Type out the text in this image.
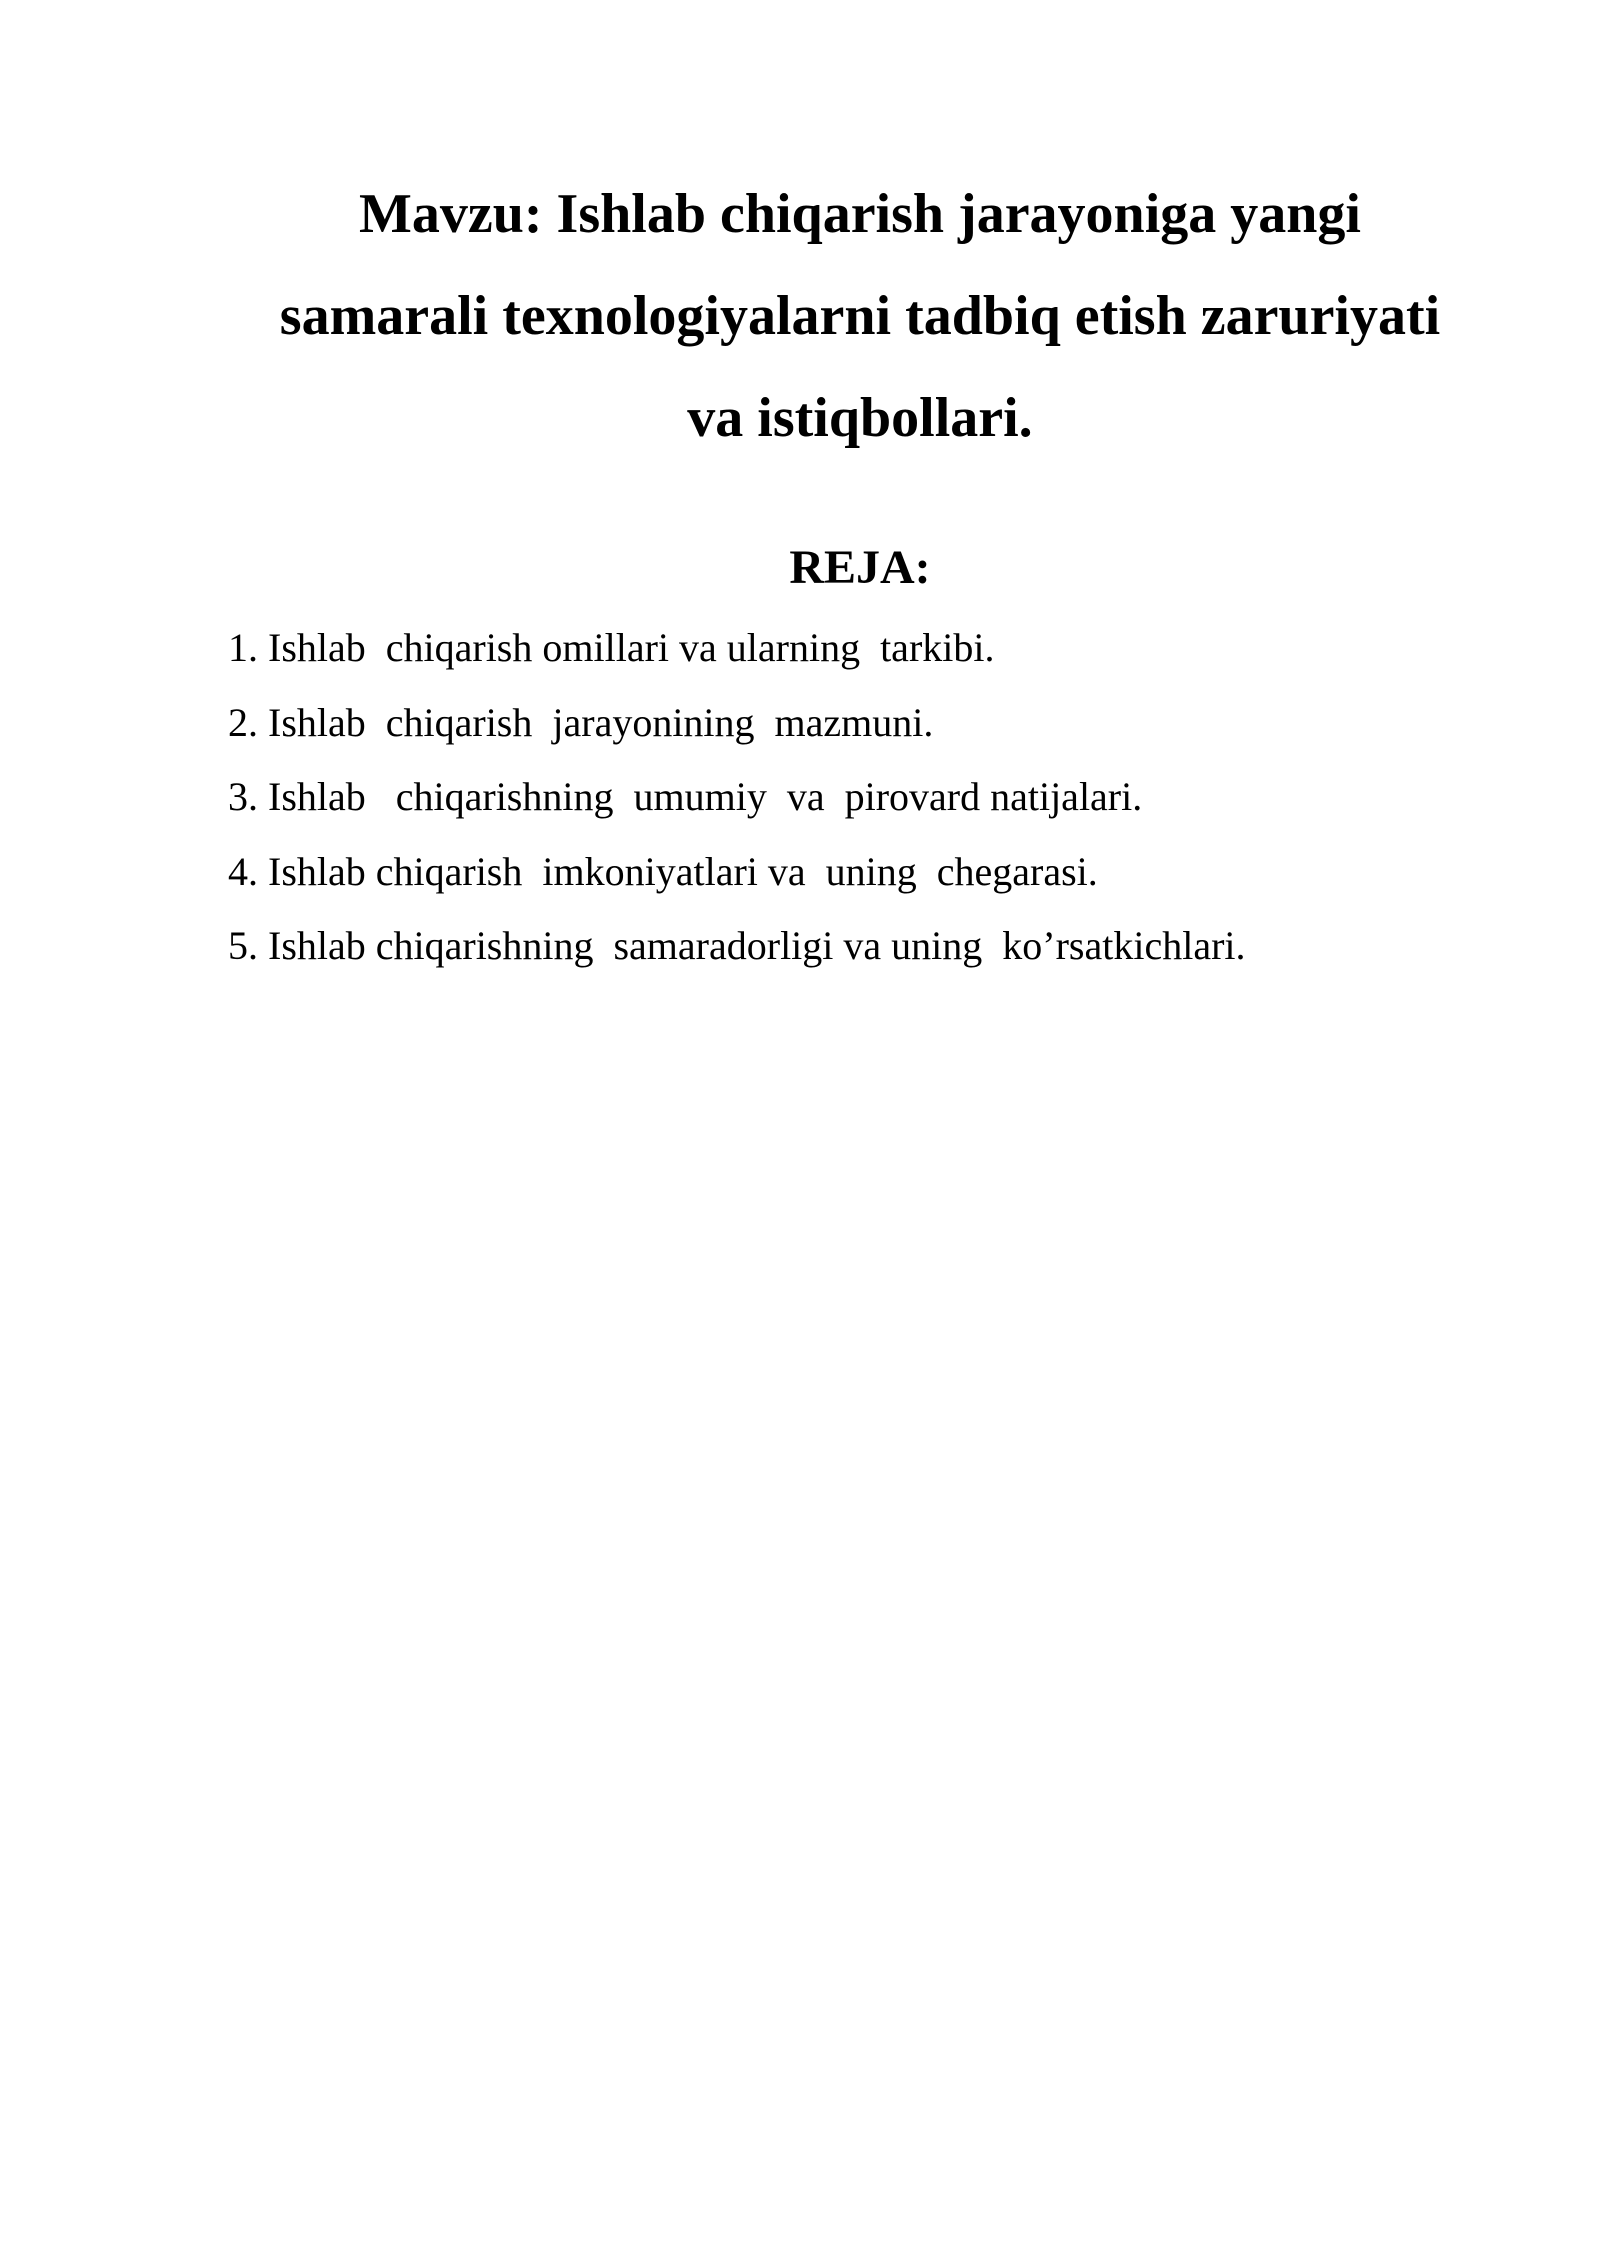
Mavzu: Ishlab chiqarish jarayoniga yangi
samarali texnologiyalarni tadbiq etish zaruriyati
va istiqbollari.
REJA:
1. Ishlab  chiqarish omillari va ularning  tarkibi.
2. Ishlab  chiqarish  jarayonining  mazmuni.
3. Ishlab   chiqarishning  umumiy  va  pirovard natijalari.
4. Ishlab chiqarish  imkoniyatlari va  uning  chegarasi.
5. Ishlab chiqarishning  samaradorligi va uning  ko’rsatkichlari.
